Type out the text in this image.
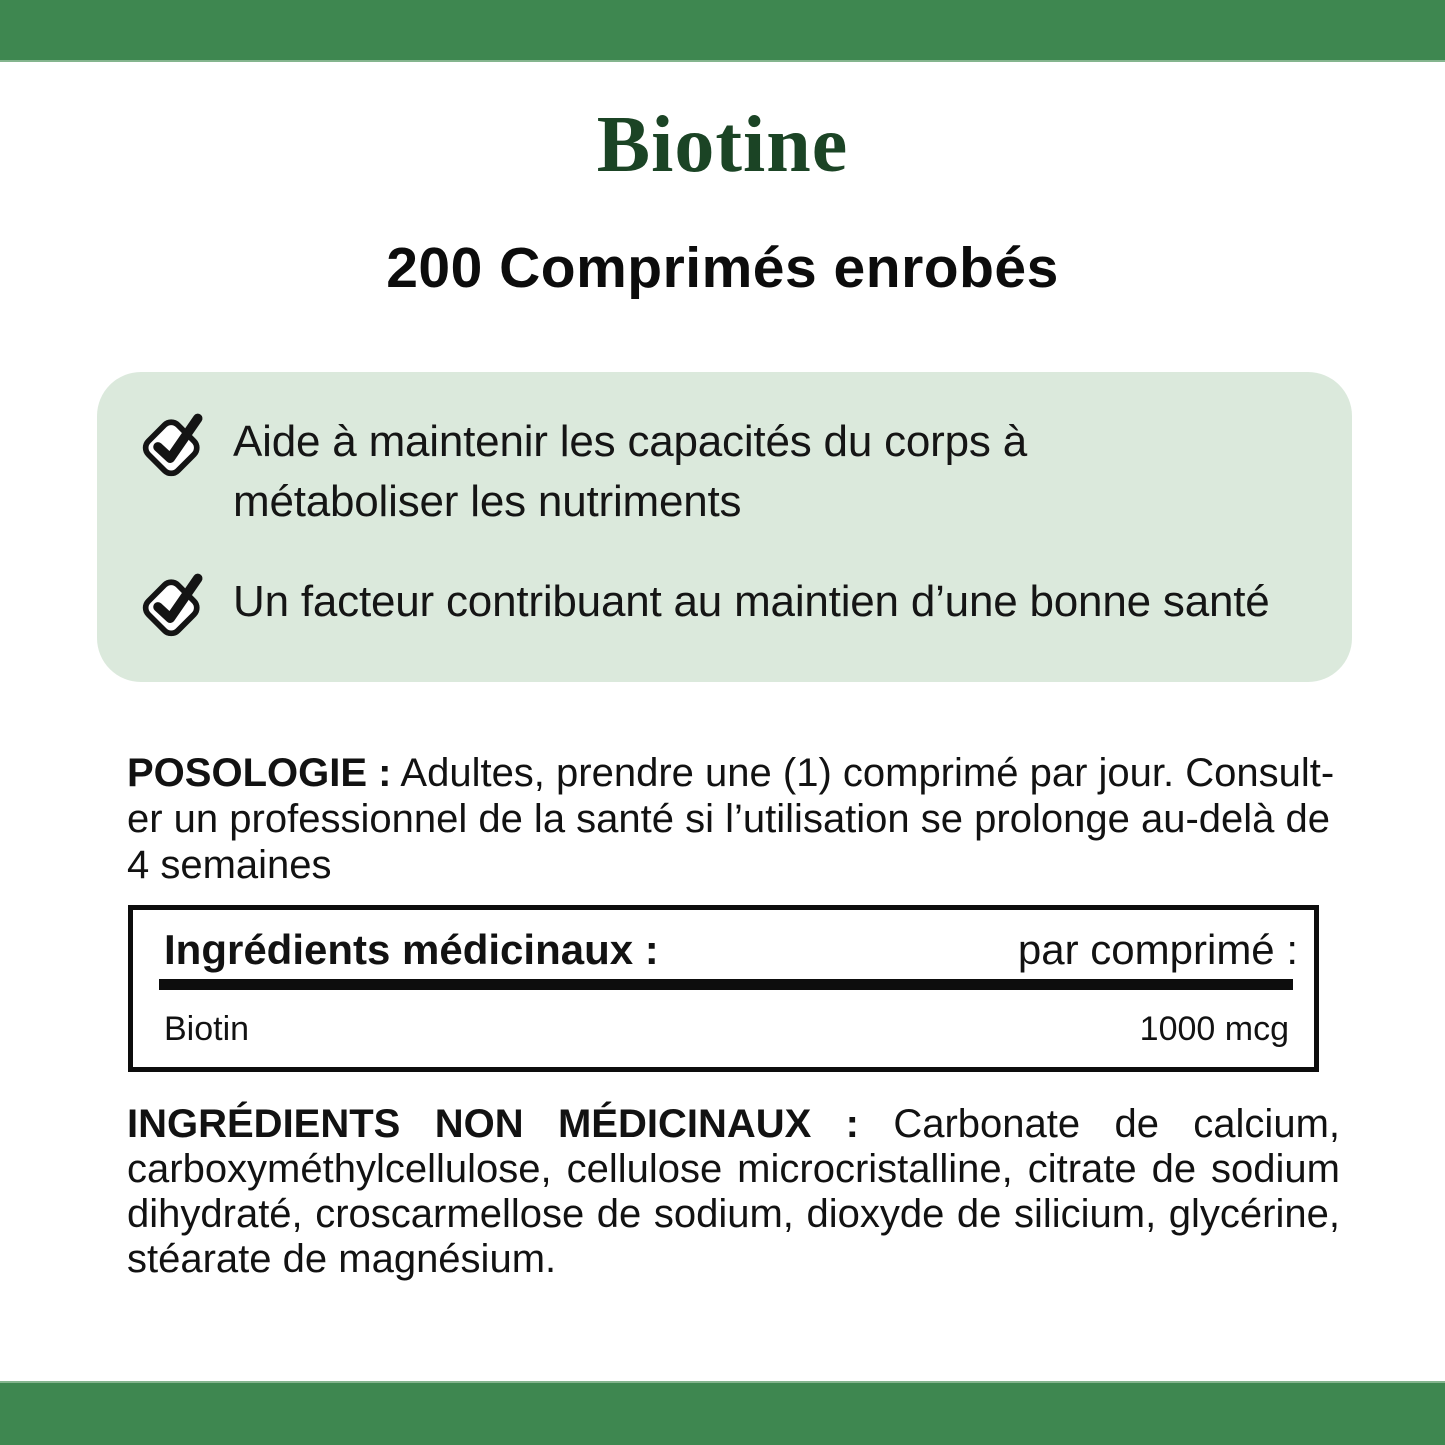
Biotine
200 Comprimés enrobés
Aide à maintenir les capacités du corps à
métaboliser les nutriments
Un facteur contribuant au maintien d’une bonne santé
POSOLOGIE : Adultes, prendre une (1) comprimé par jour. Consult-
er un professionnel de la santé si l’utilisation se prolonge au-delà de
4 semaines
Ingrédients médicinaux :	par comprimé :
Biotin	1000 mcg
INGRÉDIENTS NON MÉDICINAUX : Carbonate de calcium,
carboxyméthylcellulose, cellulose microcristalline, citrate de sodium
dihydraté, croscarmellose de sodium, dioxyde de silicium, glycérine,
stéarate de magnésium.
